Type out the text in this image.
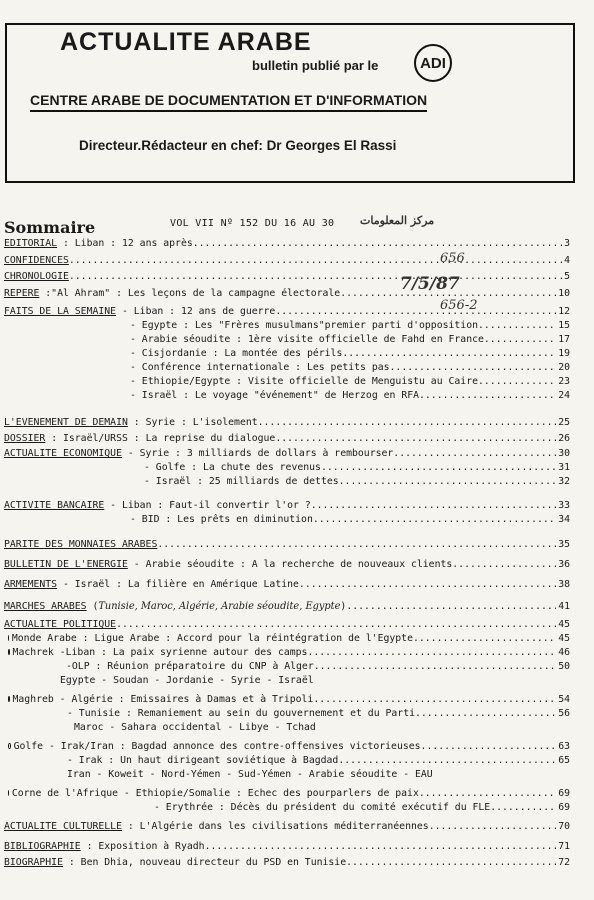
ACTUALITE ARABE
bulletin publié par le	ADI
CENTRE ARABE DE DOCUMENTATION ET D'INFORMATION
Directeur.Rédacteur en chef: Dr Georges El Rassi
Sommaire	VOL VII Nº 152 DU 16 AU 30 مركز المعلومات
656
7/5/87
656-2
EDITORIAL : Liban : 12 ans après .....	3
CONFIDENCES .....	4
CHRONOLOGIE .....	5
REPERE :"Al Ahram" : Les leçons de la campagne électorale .....	10
FAITS DE LA SEMAINE - Liban : 12 ans de guerre .....	12
- Egypte : Les "Frères musulmans"premier parti d'opposition .....	15
- Arabie séoudite : 1ère visite officielle de Fahd en France .....	17
- Cisjordanie : La montée des périls .....	19
- Conférence internationale : Les petits pas .....	20
- Ethiopie/Egypte : Visite officielle de Menguistu au Caire .....	23
- Israël : Le voyage "événement" de Herzog en RFA .....	24
L'EVENEMENT DE DEMAIN : Syrie : L'isolement .....	25
DOSSIER : Israël/URSS : La reprise du dialogue .....	26
ACTUALITE ECONOMIQUE - Syrie : 3 milliards de dollars à rembourser .....	30
- Golfe : La chute des revenus .....	31
- Israël : 25 milliards de dettes .....	32
ACTIVITE BANCAIRE - Liban : Faut-il convertir l'or ? .....	33
- BID : Les prêts en diminution .....	34
PARITE DES MONNAIES ARABES .....	35
BULLETIN DE L'ENERGIE - Arabie séoudite : A la recherche de nouveaux clients .....	36
ARMEMENTS - Israël : La filière en Amérique Latine. .....	38
MARCHES ARABES ( Tunisie, Maroc, Algérie, Arabie séoudite, Egypte ) .....	41
ACTUALITE POLITIQUE .....	45
Monde Arabe : Ligue Arabe : Accord pour la réintégration de l'Egypte .....	45
Machrek -Liban : La paix syrienne autour des camps .....	46
-OLP : Réunion préparatoire du CNP à Alger .....	50
Egypte - Soudan - Jordanie - Syrie - Israël
Maghreb - Algérie : Emissaires à Damas et à Tripoli .....	54
- Tunisie : Remaniement au sein du gouvernement et du Parti .....	56
Maroc - Sahara occidental - Libye - Tchad
Golfe - Irak/Iran : Bagdad annonce des contre-offensives victorieuses .....	63
- Irak : Un haut dirigeant soviétique à Bagdad .....	65
Iran - Koweit - Nord-Yémen - Sud-Yémen - Arabie séoudite - EAU
Corne de l'Afrique - Ethiopie/Somalie : Echec des pourparlers de paix .....	69
- Erythrée : Décès du président du comité exécutif du FLE .....	69
ACTUALITE CULTURELLE : L'Algérie dans les civilisations méditerranéennes .....	70
BIBLIOGRAPHIE : Exposition à Ryadh .....	71
BIOGRAPHIE : Ben Dhia, nouveau directeur du PSD en Tunisie .....	72
